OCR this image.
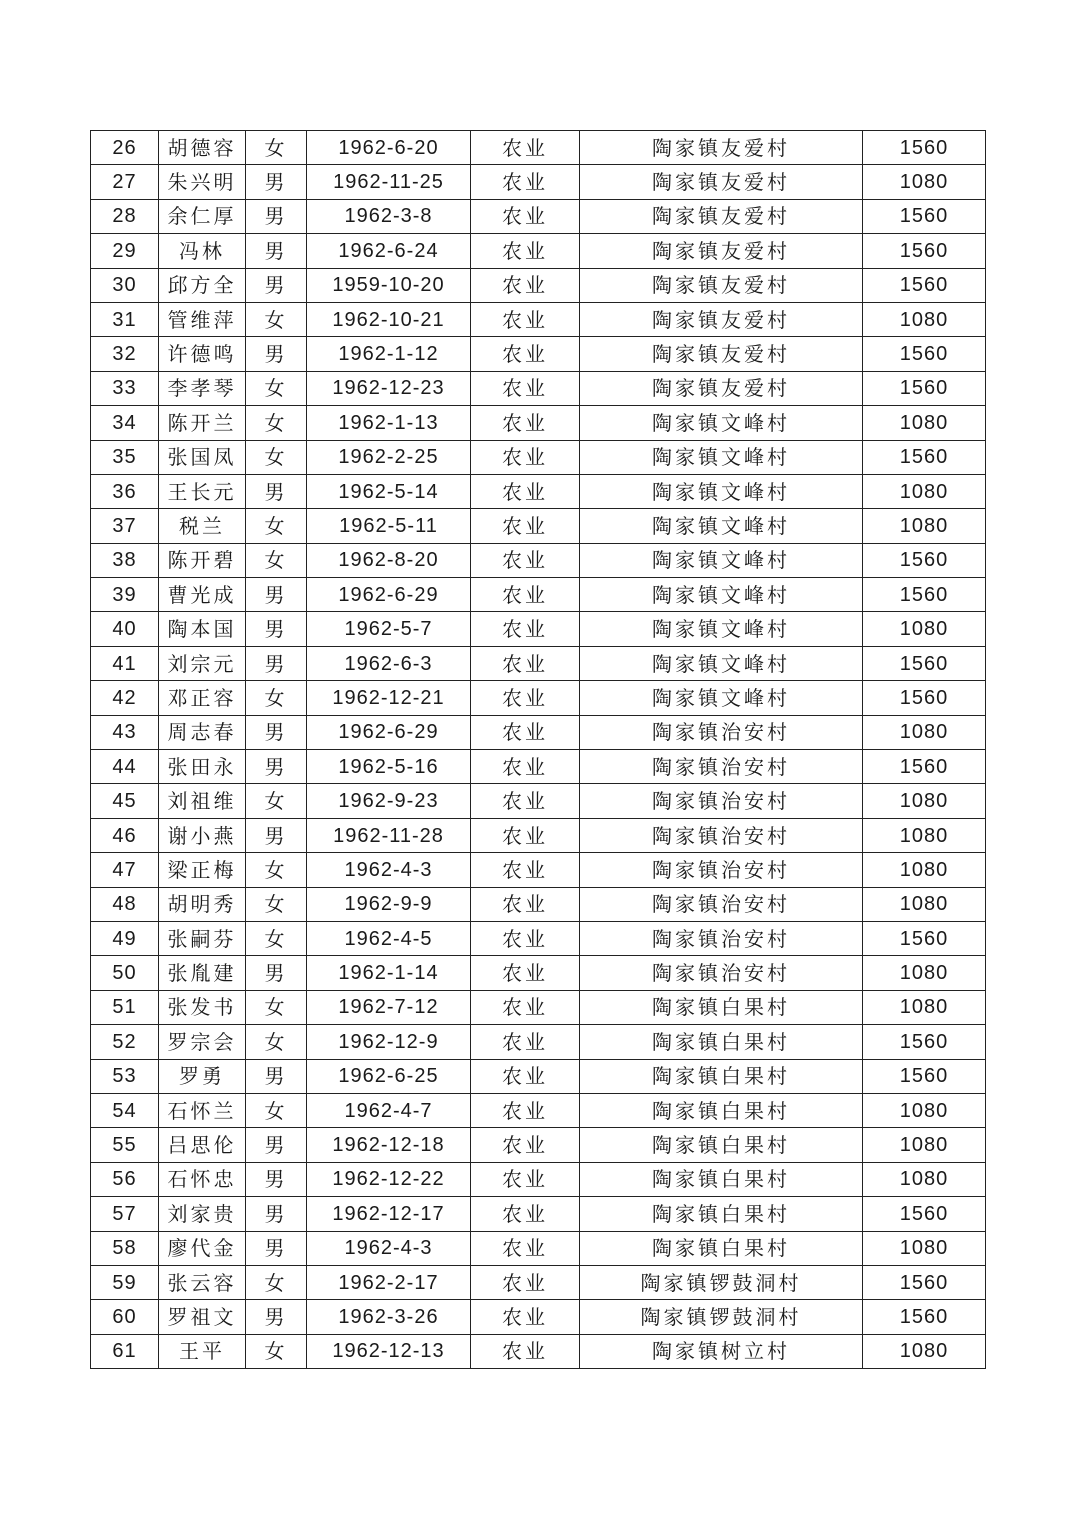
26	胡德容	女	1962-6-20	农业	陶家镇友爱村	1560
27	朱兴明	男	1962-11-25	农业	陶家镇友爱村	1080
28	余仁厚	男	1962-3-8	农业	陶家镇友爱村	1560
29	冯林	男	1962-6-24	农业	陶家镇友爱村	1560
30	邱方全	男	1959-10-20	农业	陶家镇友爱村	1560
31	管维萍	女	1962-10-21	农业	陶家镇友爱村	1080
32	许德鸣	男	1962-1-12	农业	陶家镇友爱村	1560
33	李孝琴	女	1962-12-23	农业	陶家镇友爱村	1560
34	陈开兰	女	1962-1-13	农业	陶家镇文峰村	1080
35	张国凤	女	1962-2-25	农业	陶家镇文峰村	1560
36	王长元	男	1962-5-14	农业	陶家镇文峰村	1080
37	税兰	女	1962-5-11	农业	陶家镇文峰村	1080
38	陈开碧	女	1962-8-20	农业	陶家镇文峰村	1560
39	曹光成	男	1962-6-29	农业	陶家镇文峰村	1560
40	陶本国	男	1962-5-7	农业	陶家镇文峰村	1080
41	刘宗元	男	1962-6-3	农业	陶家镇文峰村	1560
42	邓正容	女	1962-12-21	农业	陶家镇文峰村	1560
43	周志春	男	1962-6-29	农业	陶家镇治安村	1080
44	张田永	男	1962-5-16	农业	陶家镇治安村	1560
45	刘祖维	女	1962-9-23	农业	陶家镇治安村	1080
46	谢小燕	男	1962-11-28	农业	陶家镇治安村	1080
47	梁正梅	女	1962-4-3	农业	陶家镇治安村	1080
48	胡明秀	女	1962-9-9	农业	陶家镇治安村	1080
49	张嗣芬	女	1962-4-5	农业	陶家镇治安村	1560
50	张胤建	男	1962-1-14	农业	陶家镇治安村	1080
51	张发书	女	1962-7-12	农业	陶家镇白果村	1080
52	罗宗会	女	1962-12-9	农业	陶家镇白果村	1560
53	罗勇	男	1962-6-25	农业	陶家镇白果村	1560
54	石怀兰	女	1962-4-7	农业	陶家镇白果村	1080
55	吕思伦	男	1962-12-18	农业	陶家镇白果村	1080
56	石怀忠	男	1962-12-22	农业	陶家镇白果村	1080
57	刘家贵	男	1962-12-17	农业	陶家镇白果村	1560
58	廖代金	男	1962-4-3	农业	陶家镇白果村	1080
59	张云容	女	1962-2-17	农业	陶家镇锣鼓洞村	1560
60	罗祖文	男	1962-3-26	农业	陶家镇锣鼓洞村	1560
61	王平	女	1962-12-13	农业	陶家镇树立村	1080
